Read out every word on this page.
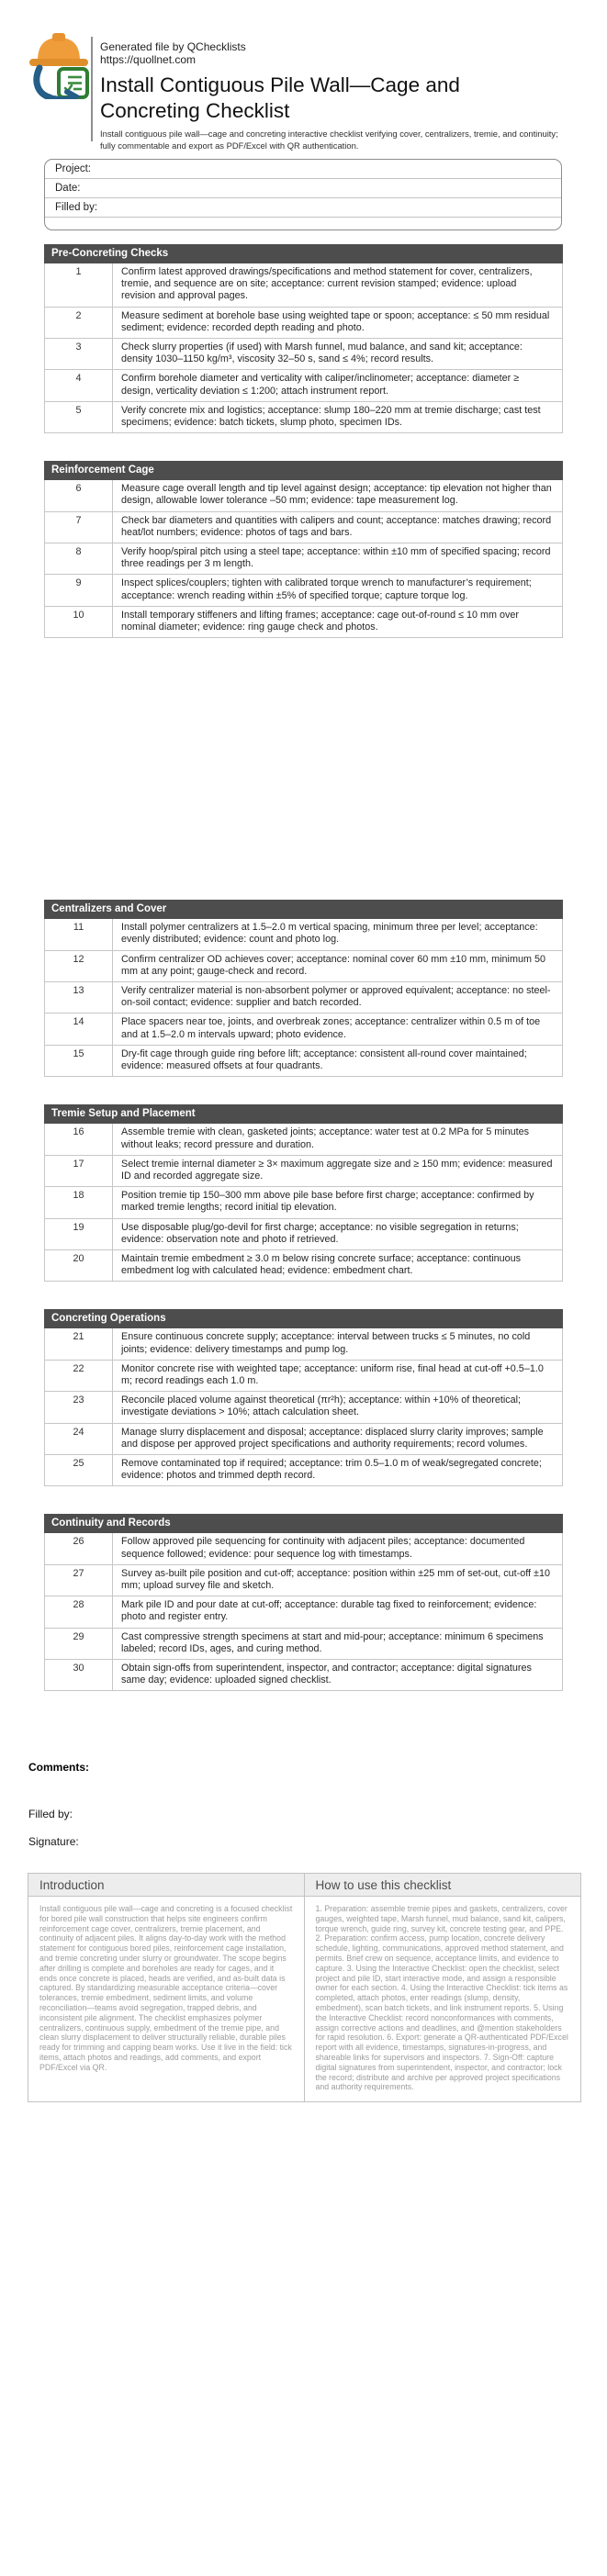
Generated file by QChecklists
https://quollnet.com
Install Contiguous Pile Wall—Cage and Concreting Checklist

Install contiguous pile wall—cage and concreting interactive checklist verifying cover, centralizers, tremie, and continuity; fully commentable and export as PDF/Excel with QR authentication.

Project:
Date:
Filled by:
Pre-Concreting Checks
1	Confirm latest approved drawings/specifications and method statement for cover, centralizers, tremie, and sequence are on site; acceptance: current revision stamped; evidence: upload revision and approval pages.
2	Measure sediment at borehole base using weighted tape or spoon; acceptance: ≤ 50 mm residual sediment; evidence: recorded depth reading and photo.
3	Check slurry properties (if used) with Marsh funnel, mud balance, and sand kit; acceptance: density 1030–1150 kg/m³, viscosity 32–50 s, sand ≤ 4%; record results.
4	Confirm borehole diameter and verticality with caliper/inclinometer; acceptance: diameter ≥ design, verticality deviation ≤ 1:200; attach instrument report.
5	Verify concrete mix and logistics; acceptance: slump 180–220 mm at tremie discharge; cast test specimens; evidence: batch tickets, slump photo, specimen IDs.
Reinforcement Cage
6	Measure cage overall length and tip level against design; acceptance: tip elevation not higher than design, allowable lower tolerance –50 mm; evidence: tape measurement log.
7	Check bar diameters and quantities with calipers and count; acceptance: matches drawing; record heat/lot numbers; evidence: photos of tags and bars.
8	Verify hoop/spiral pitch using a steel tape; acceptance: within ±10 mm of specified spacing; record three readings per 3 m length.
9	Inspect splices/couplers; tighten with calibrated torque wrench to manufacturer’s requirement; acceptance: wrench reading within ±5% of specified torque; capture torque log.
10	Install temporary stiffeners and lifting frames; acceptance: cage out-of-round ≤ 10 mm over nominal diameter; evidence: ring gauge check and photos.
Centralizers and Cover
11	Install polymer centralizers at 1.5–2.0 m vertical spacing, minimum three per level; acceptance: evenly distributed; evidence: count and photo log.
12	Confirm centralizer OD achieves cover; acceptance: nominal cover 60 mm ±10 mm, minimum 50 mm at any point; gauge-check and record.
13	Verify centralizer material is non-absorbent polymer or approved equivalent; acceptance: no steel-on-soil contact; evidence: supplier and batch recorded.
14	Place spacers near toe, joints, and overbreak zones; acceptance: centralizer within 0.5 m of toe and at 1.5–2.0 m intervals upward; photo evidence.
15	Dry-fit cage through guide ring before lift; acceptance: consistent all-round cover maintained; evidence: measured offsets at four quadrants.
Tremie Setup and Placement
16	Assemble tremie with clean, gasketed joints; acceptance: water test at 0.2 MPa for 5 minutes without leaks; record pressure and duration.
17	Select tremie internal diameter ≥ 3× maximum aggregate size and ≥ 150 mm; evidence: measured ID and recorded aggregate size.
18	Position tremie tip 150–300 mm above pile base before first charge; acceptance: confirmed by marked tremie lengths; record initial tip elevation.
19	Use disposable plug/go-devil for first charge; acceptance: no visible segregation in returns; evidence: observation note and photo if retrieved.
20	Maintain tremie embedment ≥ 3.0 m below rising concrete surface; acceptance: continuous embedment log with calculated head; evidence: embedment chart.
Concreting Operations
21	Ensure continuous concrete supply; acceptance: interval between trucks ≤ 5 minutes, no cold joints; evidence: delivery timestamps and pump log.
22	Monitor concrete rise with weighted tape; acceptance: uniform rise, final head at cut-off +0.5–1.0 m; record readings each 1.0 m.
23	Reconcile placed volume against theoretical (πr²h); acceptance: within +10% of theoretical; investigate deviations > 10%; attach calculation sheet.
24	Manage slurry displacement and disposal; acceptance: displaced slurry clarity improves; sample and dispose per approved project specifications and authority requirements; record volumes.
25	Remove contaminated top if required; acceptance: trim 0.5–1.0 m of weak/segregated concrete; evidence: photos and trimmed depth record.
Continuity and Records
26	Follow approved pile sequencing for continuity with adjacent piles; acceptance: documented sequence followed; evidence: pour sequence log with timestamps.
27	Survey as-built pile position and cut-off; acceptance: position within ±25 mm of set-out, cut-off ±10 mm; upload survey file and sketch.
28	Mark pile ID and pour date at cut-off; acceptance: durable tag fixed to reinforcement; evidence: photo and register entry.
29	Cast compressive strength specimens at start and mid-pour; acceptance: minimum 6 specimens labeled; record IDs, ages, and curing method.
30	Obtain sign-offs from superintendent, inspector, and contractor; acceptance: digital signatures same day; evidence: uploaded signed checklist.
Comments:
Filled by:
Signature:
Introduction	How to use this checklist
Install contiguous pile wall—cage and concreting is a focused checklist for bored pile wall construction that helps site engineers confirm reinforcement cage cover, centralizers, tremie placement, and continuity of adjacent piles. It aligns day-to-day work with the method statement for contiguous bored piles, reinforcement cage installation, and tremie concreting under slurry or groundwater. The scope begins after drilling is complete and boreholes are ready for cages, and it ends once concrete is placed, heads are verified, and as-built data is captured. By standardizing measurable acceptance criteria—cover tolerances, tremie embedment, sediment limits, and volume reconciliation—teams avoid segregation, trapped debris, and inconsistent pile alignment. The checklist emphasizes polymer centralizers, continuous supply, embedment of the tremie pipe, and clean slurry displacement to deliver structurally reliable, durable piles ready for trimming and capping beam works. Use it live in the field: tick items, attach photos and readings, add comments, and export PDF/Excel via QR.
1. Preparation: assemble tremie pipes and gaskets, centralizers, cover gauges, weighted tape, Marsh funnel, mud balance, sand kit, calipers, torque wrench, guide ring, survey kit, concrete testing gear, and PPE. 2. Preparation: confirm access, pump location, concrete delivery schedule, lighting, communications, approved method statement, and permits. Brief crew on sequence, acceptance limits, and evidence to capture. 3. Using the Interactive Checklist: open the checklist, select project and pile ID, start interactive mode, and assign a responsible owner for each section. 4. Using the Interactive Checklist: tick items as completed, attach photos, enter readings (slump, density, embedment), scan batch tickets, and link instrument reports. 5. Using the Interactive Checklist: record nonconformances with comments, assign corrective actions and deadlines, and @mention stakeholders for rapid resolution. 6. Export: generate a QR-authenticated PDF/Excel report with all evidence, timestamps, signatures-in-progress, and shareable links for supervisors and inspectors. 7. Sign-Off: capture digital signatures from superintendent, inspector, and contractor; lock the record; distribute and archive per approved project specifications and authority requirements.
